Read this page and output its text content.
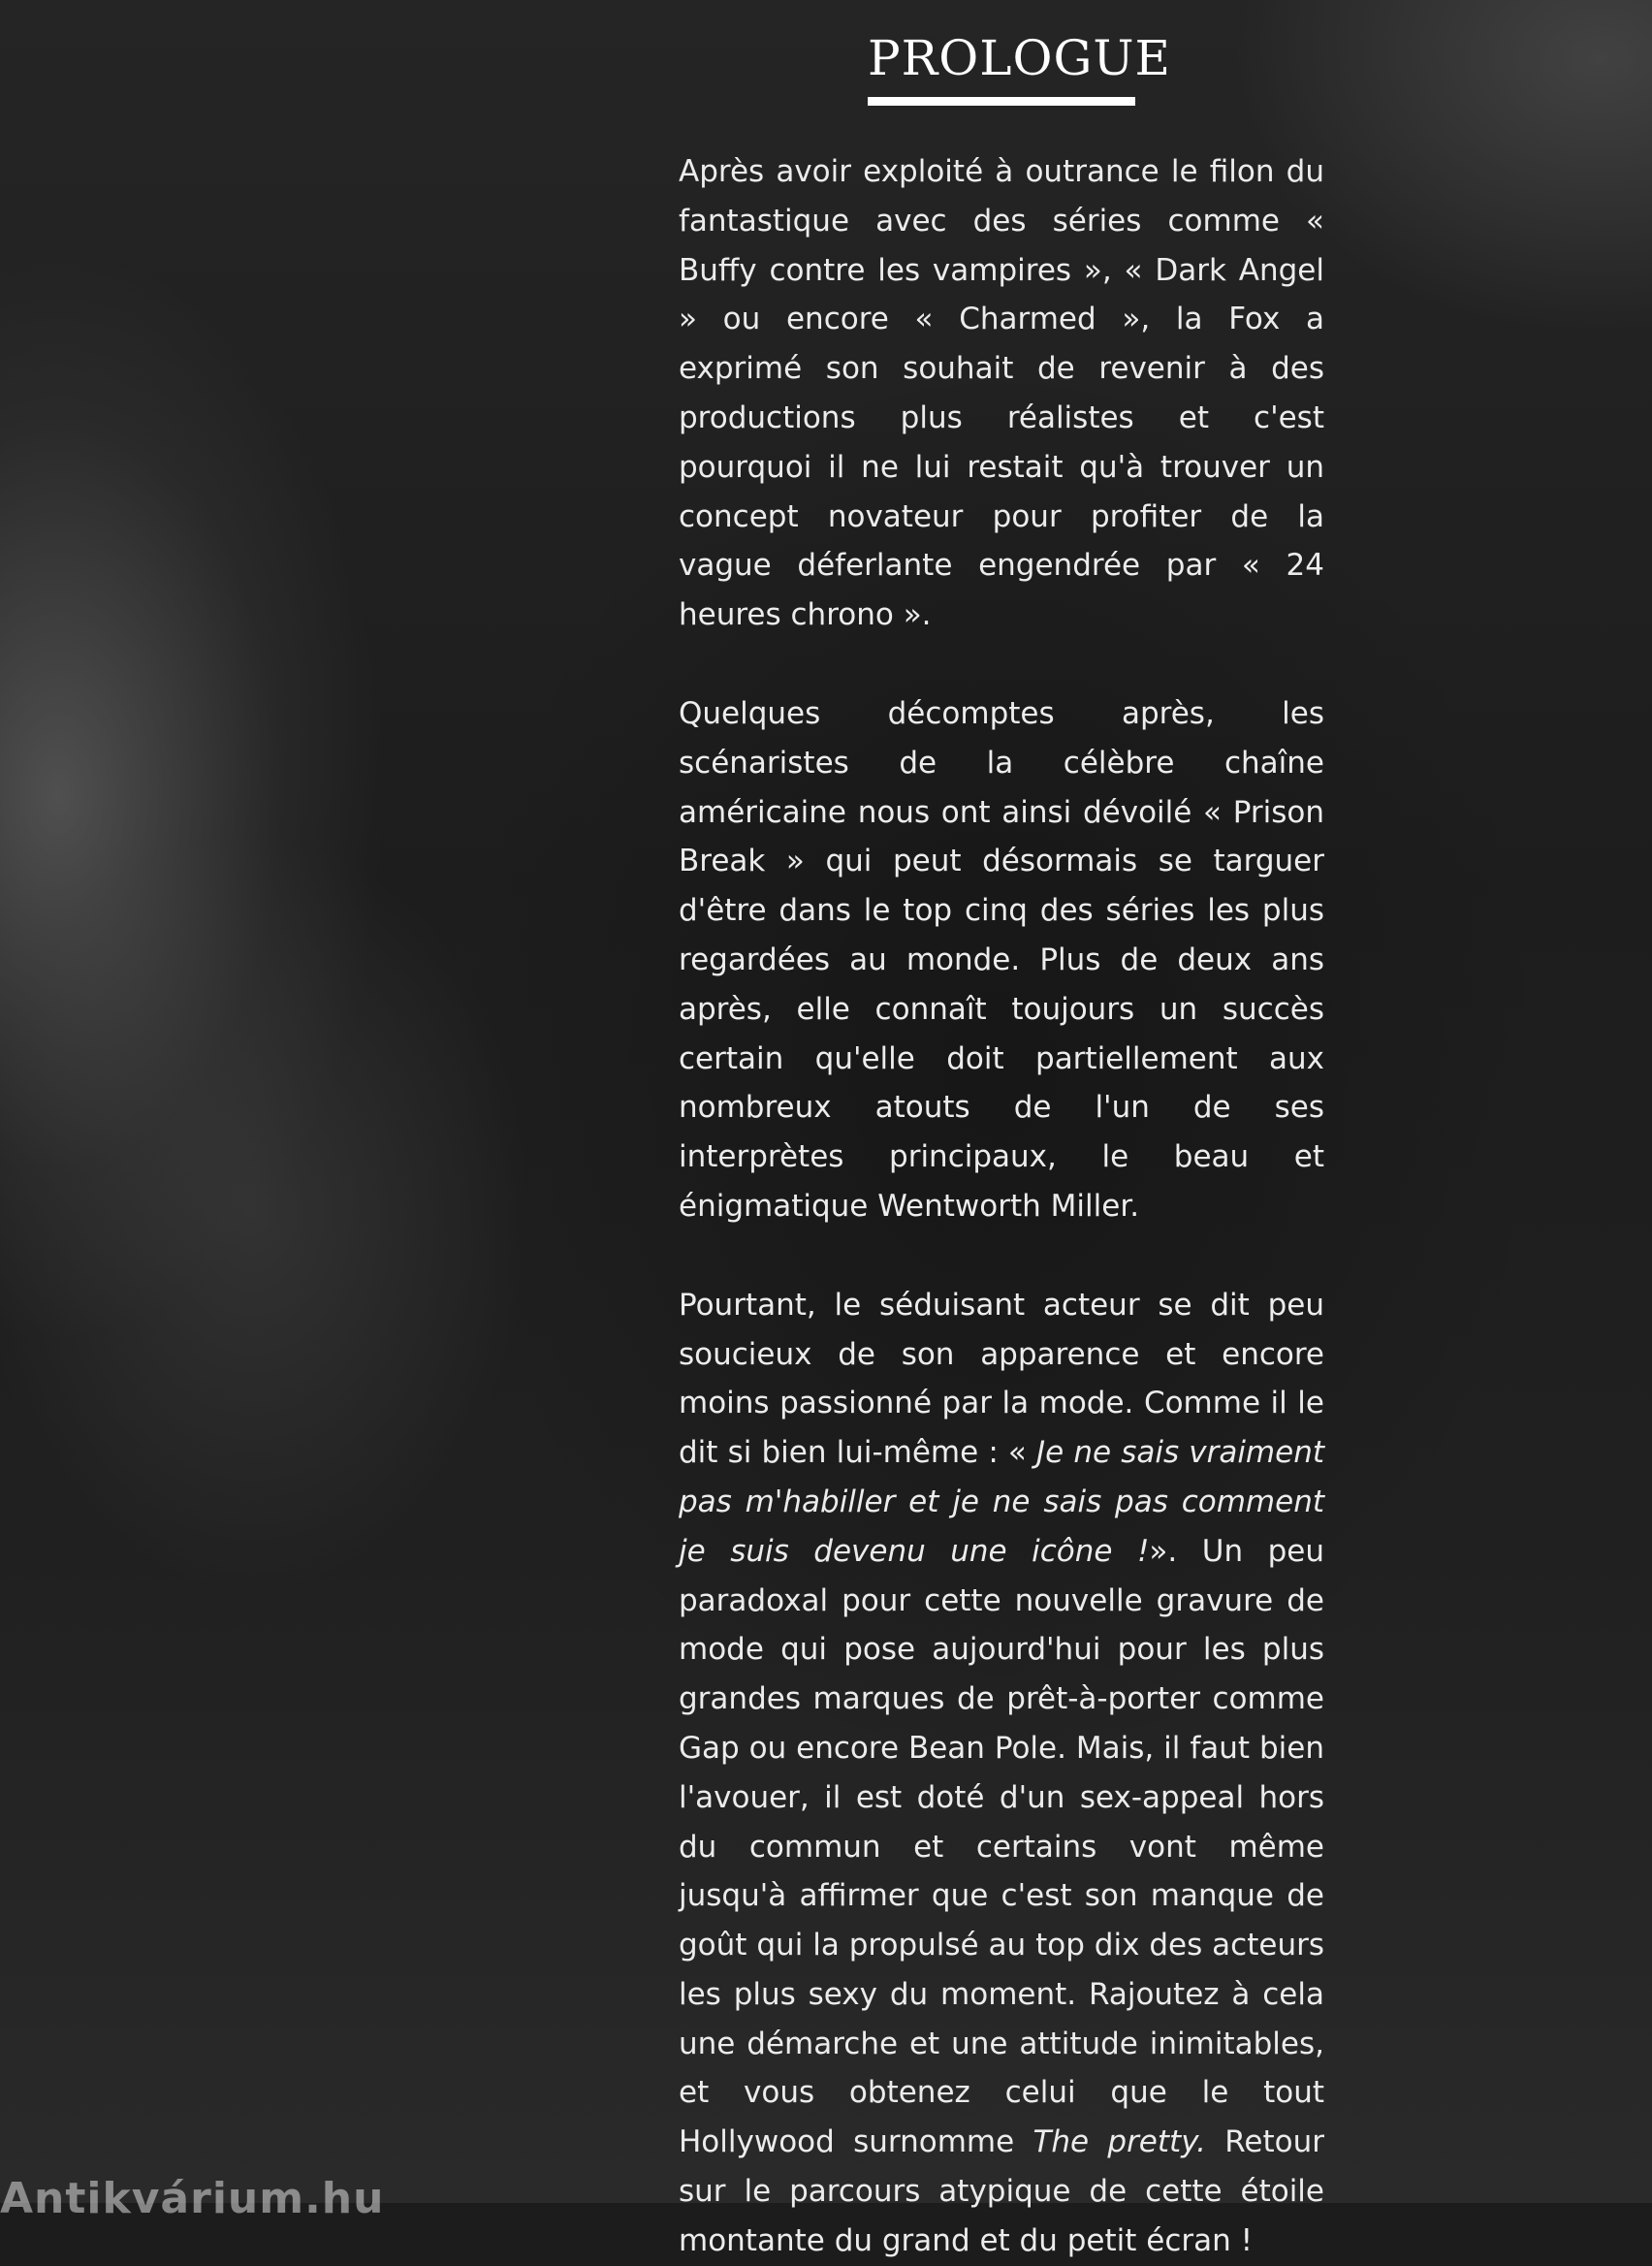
PROLOGUE

Après avoir exploité à outrance le filon du fantastique avec des séries comme « Buffy contre les vampires », « Dark Angel » ou encore « Charmed », la Fox a exprimé son souhait de revenir à des productions plus réalistes et c'est pourquoi il ne lui restait qu'à trouver un concept novateur pour profiter de la vague déferlante engendrée par « 24 heures chrono ».

Quelques décomptes après, les scénaristes de la célèbre chaîne américaine nous ont ainsi dévoilé « Prison Break » qui peut désormais se targuer d'être dans le top cinq des séries les plus regardées au monde. Plus de deux ans après, elle connaît toujours un succès certain qu'elle doit partiellement aux nombreux atouts de l'un de ses interprètes principaux, le beau et énigmatique Wentworth Miller.

Pourtant, le séduisant acteur se dit peu soucieux de son apparence et encore moins passionné par la mode. Comme il le dit si bien lui-même : « Je ne sais vraiment pas m'habiller et je ne sais pas comment je suis devenu une icône !». Un peu paradoxal pour cette nouvelle gravure de mode qui pose aujourd'hui pour les plus grandes marques de prêt-à-porter comme Gap ou encore Bean Pole. Mais, il faut bien l'avouer, il est doté d'un sex-appeal hors du commun et certains vont même jusqu'à affirmer que c'est son manque de goût qui la propulsé au top dix des acteurs les plus sexy du moment. Rajoutez à cela une démarche et une attitude inimitables, et vous obtenez celui que le tout Hollywood surnomme The pretty. Retour sur le parcours atypique de cette étoile montante du grand et du petit écran !

Antikvárium.hu
